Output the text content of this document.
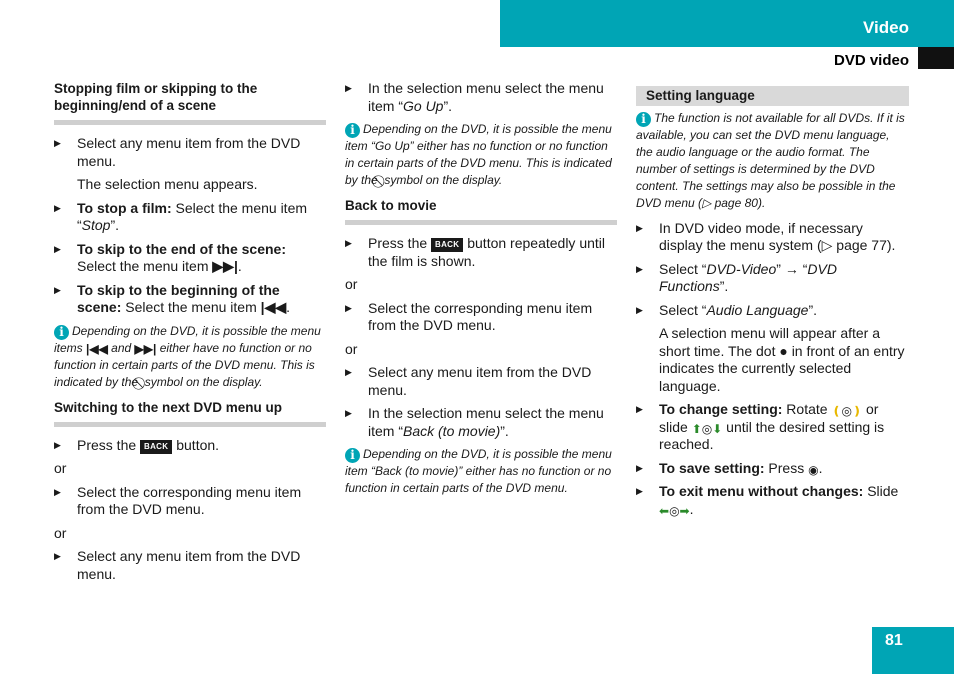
Video
DVD video
81
Stopping film or skipping to the beginning/end of a scene
▶ Select any menu item from the DVD menu.
The selection menu appears.
▶ To stop a film: Select the menu item “Stop”.
▶ To skip to the end of the scene: Select the menu item ▶▶|.
▶ To skip to the beginning of the scene: Select the menu item |◀◀.
i Depending on the DVD, it is possible the menu items |◀◀ and ▶▶| either have no function or no function in certain parts of the DVD menu. This is indicated by the  symbol on the display.
Switching to the next DVD menu up
▶ Press the BACK button.
or
▶ Select the corresponding menu item from the DVD menu.
or
▶ Select any menu item from the DVD menu.
▶ In the selection menu select the menu item “Go Up”.
i Depending on the DVD, it is possible the menu item “Go Up” either has no function or no function in certain parts of the DVD menu. This is indicated by the  symbol on the display.
Back to movie
▶ Press the BACK button repeatedly until the film is shown.
or
▶ Select the corresponding menu item from the DVD menu.
or
▶ Select any menu item from the DVD menu.
▶ In the selection menu select the menu item “Back (to movie)”.
i Depending on the DVD, it is possible the menu item “Back (to movie)” either has no function or no function in certain parts of the DVD menu.
Setting language
i The function is not available for all DVDs. If it is available, you can set the DVD menu language, the audio language or the audio format. The number of settings is determined by the DVD content. The settings may also be possible in the DVD menu (▷ page 80).
▶ In DVD video mode, if necessary display the menu system (▷ page 77).
▶ Select “DVD-Video” → “DVD Functions”.
▶ Select “Audio Language”.
A selection menu will appear after a short time. The dot ● in front of an entry indicates the currently selected language.
▶ To change setting: Rotate ❪◎❫ or slide ⬆◎⬇ until the desired setting is reached.
▶ To save setting: Press ◉.
▶ To exit menu without changes: Slide ⬅◎➡.
